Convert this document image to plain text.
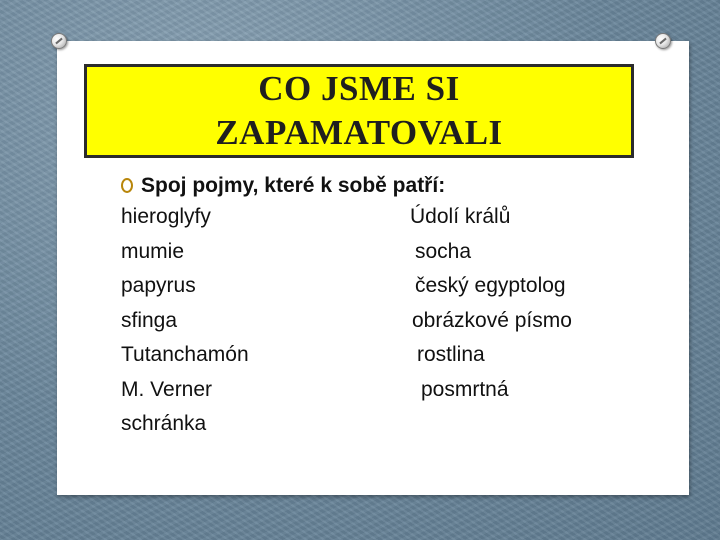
CO JSME SI
ZAPAMATOVALI
Spoj pojmy, které k sobě patří:
hieroglyfy
mumie
papyrus
sfinga
Tutanchamón
M. Verner
schránka
Údolí králů
socha
český egyptolog
obrázkové písmo
rostlina
posmrtná
